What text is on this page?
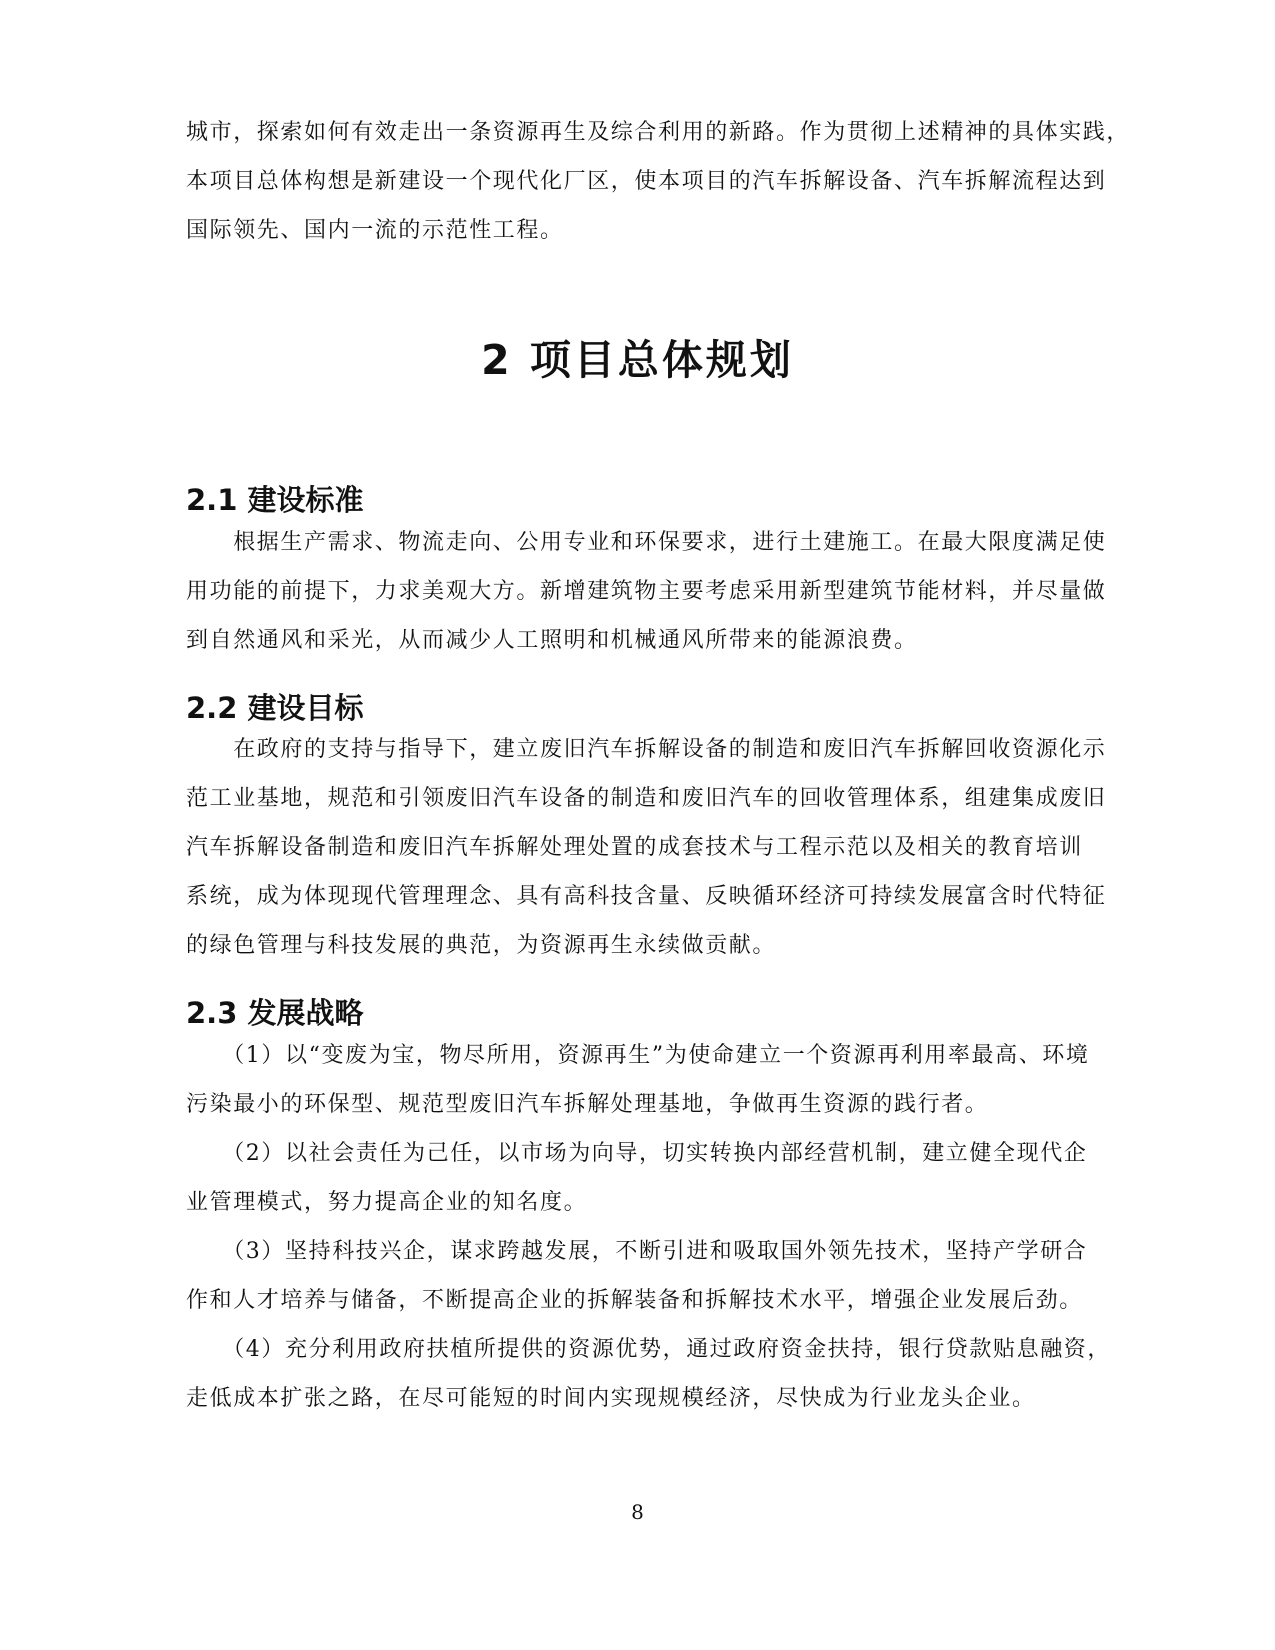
城市，探索如何有效走出一条资源再生及综合利用的新路。作为贯彻上述精神的具体实践，
本项目总体构想是新建设一个现代化厂区，使本项目的汽车拆解设备、汽车拆解流程达到
国际领先、国内一流的示范性工程。

2 项目总体规划
2.1 建设标准

　　根据生产需求、物流走向、公用专业和环保要求，进行土建施工。在最大限度满足使
用功能的前提下，力求美观大方。新增建筑物主要考虑采用新型建筑节能材料，并尽量做
到自然通风和采光，从而减少人工照明和机械通风所带来的能源浪费。

2.2 建设目标

　　在政府的支持与指导下，建立废旧汽车拆解设备的制造和废旧汽车拆解回收资源化示
范工业基地，规范和引领废旧汽车设备的制造和废旧汽车的回收管理体系，组建集成废旧
汽车拆解设备制造和废旧汽车拆解处理处置的成套技术与工程示范以及相关的教育培训
系统，成为体现现代管理理念、具有高科技含量、反映循环经济可持续发展富含时代特征
的绿色管理与科技发展的典范，为资源再生永续做贡献。

2.3 发展战略

　　（1）以“变废为宝，物尽所用，资源再生”为使命建立一个资源再利用率最高、环境
污染最小的环保型、规范型废旧汽车拆解处理基地，争做再生资源的践行者。
　　（2）以社会责任为己任，以市场为向导，切实转换内部经营机制，建立健全现代企
业管理模式，努力提高企业的知名度。
　　（3）坚持科技兴企，谋求跨越发展，不断引进和吸取国外领先技术，坚持产学研合
作和人才培养与储备，不断提高企业的拆解装备和拆解技术水平，增强企业发展后劲。
　　（4）充分利用政府扶植所提供的资源优势，通过政府资金扶持，银行贷款贴息融资，
走低成本扩张之路，在尽可能短的时间内实现规模经济，尽快成为行业龙头企业。

8
